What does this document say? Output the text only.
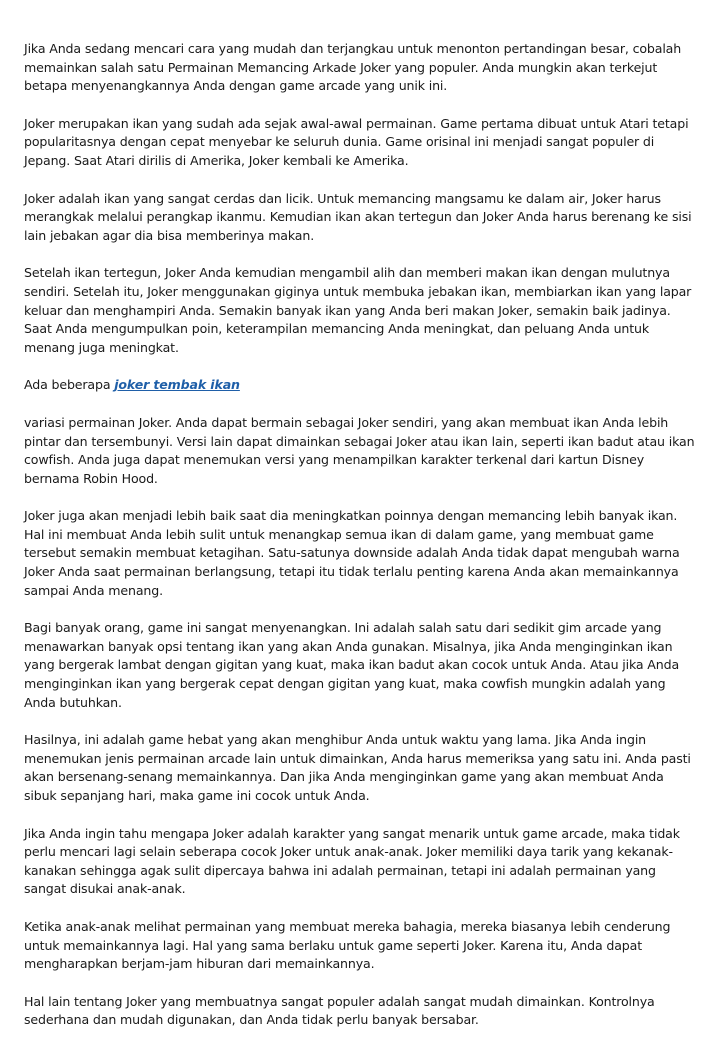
Jika Anda sedang mencari cara yang mudah dan terjangkau untuk menonton pertandingan besar, cobalah memainkan salah satu Permainan Memancing Arkade Joker yang populer. Anda mungkin akan terkejut betapa menyenangkannya Anda dengan game arcade yang unik ini.

Joker merupakan ikan yang sudah ada sejak awal-awal permainan. Game pertama dibuat untuk Atari tetapi popularitasnya dengan cepat menyebar ke seluruh dunia. Game orisinal ini menjadi sangat populer di Jepang. Saat Atari dirilis di Amerika, Joker kembali ke Amerika.

Joker adalah ikan yang sangat cerdas dan licik. Untuk memancing mangsamu ke dalam air, Joker harus merangkak melalui perangkap ikanmu. Kemudian ikan akan tertegun dan Joker Anda harus berenang ke sisi lain jebakan agar dia bisa memberinya makan.

Setelah ikan tertegun, Joker Anda kemudian mengambil alih dan memberi makan ikan dengan mulutnya sendiri. Setelah itu, Joker menggunakan giginya untuk membuka jebakan ikan, membiarkan ikan yang lapar keluar dan menghampiri Anda. Semakin banyak ikan yang Anda beri makan Joker, semakin baik jadinya. Saat Anda mengumpulkan poin, keterampilan memancing Anda meningkat, dan peluang Anda untuk menang juga meningkat.

Ada beberapa joker tembak ikan

variasi permainan Joker. Anda dapat bermain sebagai Joker sendiri, yang akan membuat ikan Anda lebih pintar dan tersembunyi. Versi lain dapat dimainkan sebagai Joker atau ikan lain, seperti ikan badut atau ikan cowfish. Anda juga dapat menemukan versi yang menampilkan karakter terkenal dari kartun Disney bernama Robin Hood.

Joker juga akan menjadi lebih baik saat dia meningkatkan poinnya dengan memancing lebih banyak ikan. Hal ini membuat Anda lebih sulit untuk menangkap semua ikan di dalam game, yang membuat game tersebut semakin membuat ketagihan. Satu-satunya downside adalah Anda tidak dapat mengubah warna Joker Anda saat permainan berlangsung, tetapi itu tidak terlalu penting karena Anda akan memainkannya sampai Anda menang.

Bagi banyak orang, game ini sangat menyenangkan. Ini adalah salah satu dari sedikit gim arcade yang menawarkan banyak opsi tentang ikan yang akan Anda gunakan. Misalnya, jika Anda menginginkan ikan yang bergerak lambat dengan gigitan yang kuat, maka ikan badut akan cocok untuk Anda. Atau jika Anda menginginkan ikan yang bergerak cepat dengan gigitan yang kuat, maka cowfish mungkin adalah yang Anda butuhkan.

Hasilnya, ini adalah game hebat yang akan menghibur Anda untuk waktu yang lama. Jika Anda ingin menemukan jenis permainan arcade lain untuk dimainkan, Anda harus memeriksa yang satu ini. Anda pasti akan bersenang-senang memainkannya. Dan jika Anda menginginkan game yang akan membuat Anda sibuk sepanjang hari, maka game ini cocok untuk Anda.

Jika Anda ingin tahu mengapa Joker adalah karakter yang sangat menarik untuk game arcade, maka tidak perlu mencari lagi selain seberapa cocok Joker untuk anak-anak. Joker memiliki daya tarik yang kekanak-kanakan sehingga agak sulit dipercaya bahwa ini adalah permainan, tetapi ini adalah permainan yang sangat disukai anak-anak.

Ketika anak-anak melihat permainan yang membuat mereka bahagia, mereka biasanya lebih cenderung untuk memainkannya lagi. Hal yang sama berlaku untuk game seperti Joker. Karena itu, Anda dapat mengharapkan berjam-jam hiburan dari memainkannya.

Hal lain tentang Joker yang membuatnya sangat populer adalah sangat mudah dimainkan. Kontrolnya sederhana dan mudah digunakan, dan Anda tidak perlu banyak bersabar.
